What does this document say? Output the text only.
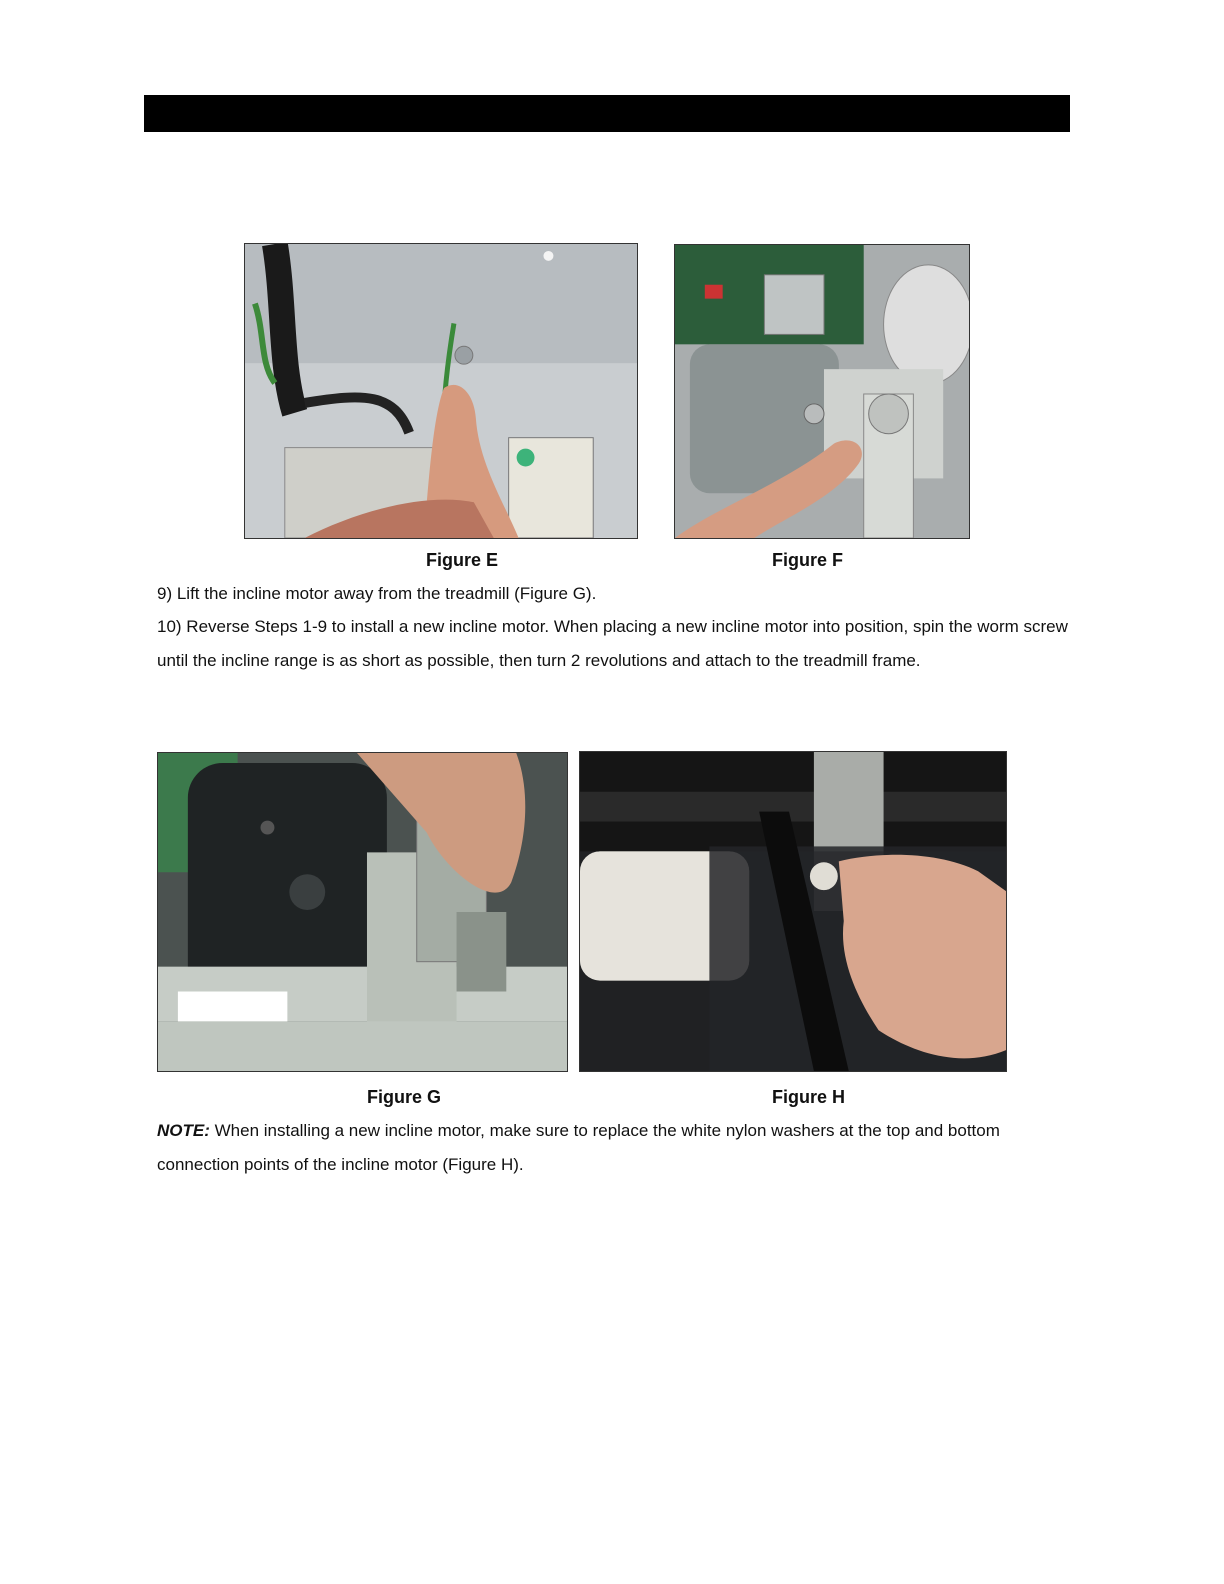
Figure E	Figure F
9) Lift the incline motor away from the treadmill (Figure G).
10) Reverse Steps 1-9 to install a new incline motor. When placing a new incline motor into position, spin the worm screw until the incline range is as short as possible, then turn 2 revolutions and attach to the treadmill frame.
Figure G	Figure H
NOTE: When installing a new incline motor, make sure to replace the white nylon washers at the top and bottom connection points of the incline motor (Figure H).
